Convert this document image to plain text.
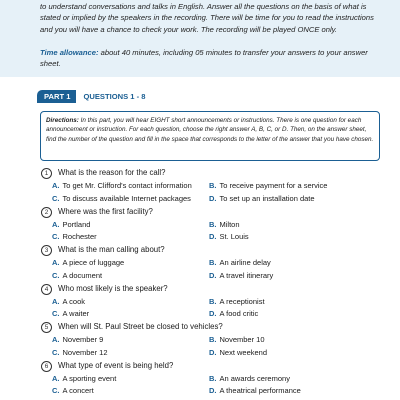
to understand conversations and talks in English. Answer all the questions on the basis of what is stated or implied by the speakers in the recording. There will be time for you to read the instructions and you will have a chance to check your work. The recording will be played ONCE only.

Time allowance: about 40 minutes, including 05 minutes to transfer your answers to your answer sheet.

PART 1	QUESTIONS 1 - 8
Directions: In this part, you will hear EIGHT short announcements or instructions. There is one question for each announcement or instruction. For each question, choose the right answer A, B, C, or D. Then, on the answer sheet, find the number of the question and fill in the space that corresponds to the letter of the answer that you have chosen.
1	What is the reason for the call?
A. To get Mr. Clifford's contact information B. To receive payment for a service
C. To discuss available Internet packages D. To set up an installation date
2	Where was the first facility?
A. Portland	B. Milton
C. Rochester	D. St. Louis
3	What is the man calling about?
A. A piece of luggage	B. An airline delay
C. A document	D. A travel itinerary
4	Who most likely is the speaker?
A. A cook	B. A receptionist
C. A waiter	D. A food critic
5	When will St. Paul Street be closed to vehicles?
A. November 9	B. November 10
C. November 12	D. Next weekend
6	What type of event is being held?
A. A sporting event	B. An awards ceremony
C. A concert	D. A theatrical performance
